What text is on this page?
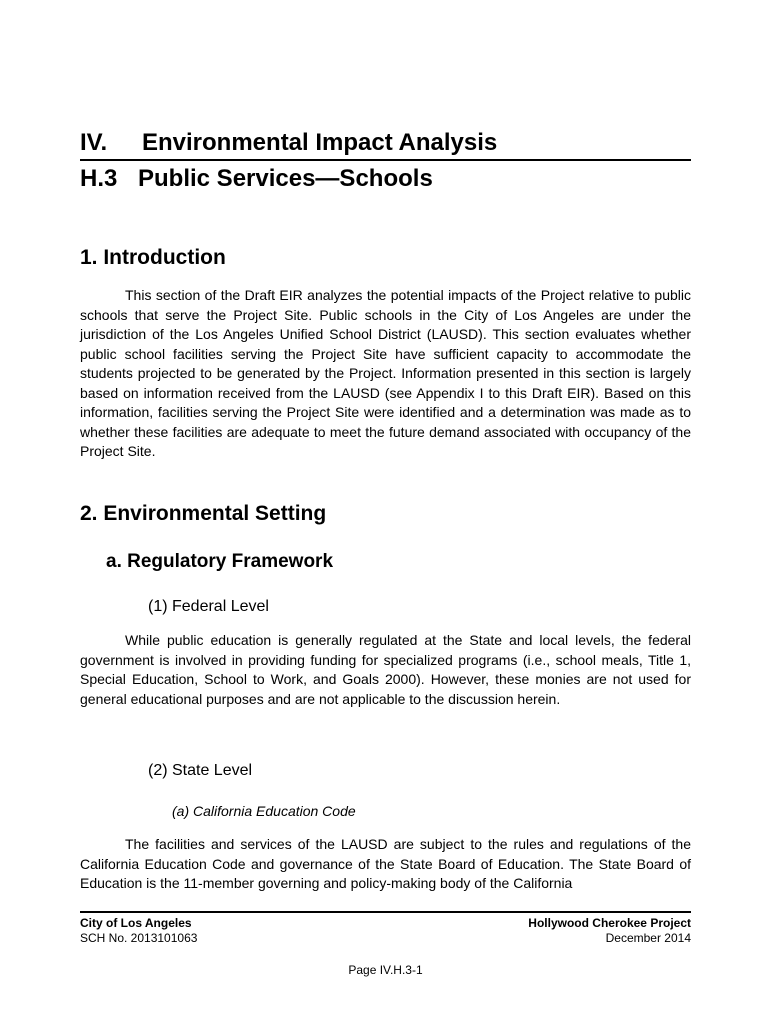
IV. Environmental Impact Analysis
H.3 Public Services—Schools
1. Introduction

This section of the Draft EIR analyzes the potential impacts of the Project relative to public schools that serve the Project Site. Public schools in the City of Los Angeles are under the jurisdiction of the Los Angeles Unified School District (LAUSD). This section evaluates whether public school facilities serving the Project Site have sufficient capacity to accommodate the students projected to be generated by the Project. Information presented in this section is largely based on information received from the LAUSD (see Appendix I to this Draft EIR). Based on this information, facilities serving the Project Site were identified and a determination was made as to whether these facilities are adequate to meet the future demand associated with occupancy of the Project Site.

2. Environmental Setting
a. Regulatory Framework
(1) Federal Level

While public education is generally regulated at the State and local levels, the federal government is involved in providing funding for specialized programs (i.e., school meals, Title 1, Special Education, School to Work, and Goals 2000). However, these monies are not used for general educational purposes and are not applicable to the discussion herein.

(2) State Level
(a) California Education Code

The facilities and services of the LAUSD are subject to the rules and regulations of the California Education Code and governance of the State Board of Education. The State Board of Education is the 11-member governing and policy-making body of the California

City of Los Angeles
SCH No. 2013101063
Hollywood Cherokee Project
December 2014
Page IV.H.3-1
